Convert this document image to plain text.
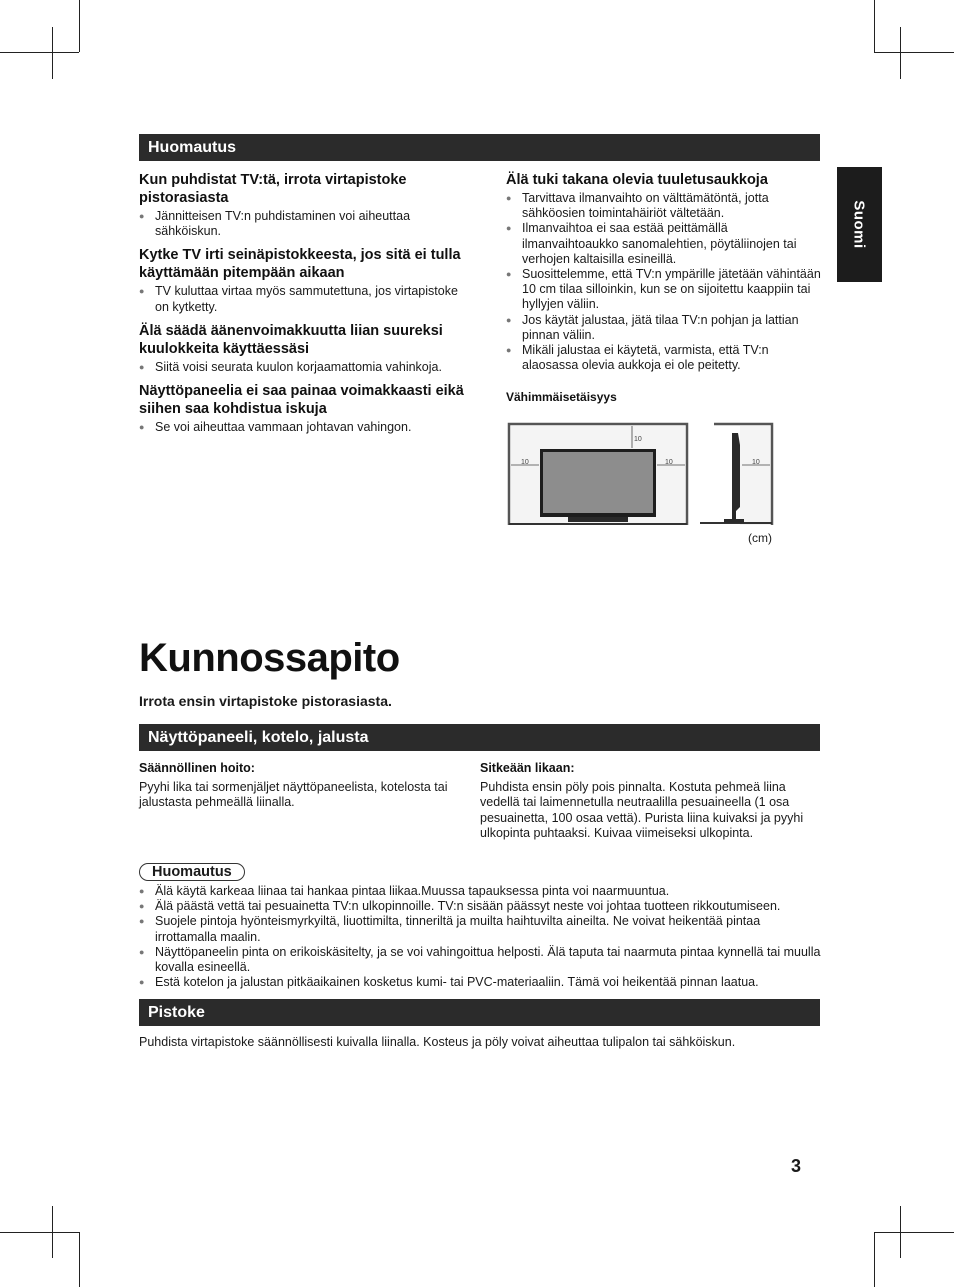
Suomi
Huomautus
Kun puhdistat TV:tä, irrota virtapistoke pistorasiasta
● Jännitteisen TV:n puhdistaminen voi aiheuttaa sähköiskun.
Kytke TV irti seinäpistokkeesta, jos sitä ei tulla käyttämään pitempään aikaan
● TV kuluttaa virtaa myös sammutettuna, jos virtapistoke on kytketty.
Älä säädä äänenvoimakkuutta liian suureksi kuulokkeita käyttäessäsi
● Siitä voisi seurata kuulon korjaamattomia vahinkoja.
Näyttöpaneelia ei saa painaa voimakkaasti eikä siihen saa kohdistua iskuja
● Se voi aiheuttaa vammaan johtavan vahingon.
Älä tuki takana olevia tuuletusaukkoja
● Tarvittava ilmanvaihto on välttämätöntä, jotta sähköosien toimintahäiriöt vältetään.
● Ilmanvaihtoa ei saa estää peittämällä ilmanvaihtoaukko sanomalehtien, pöytäliinojen tai verhojen kaltaisilla esineillä.
● Suosittelemme, että TV:n ympärille jätetään vähintään 10 cm tilaa silloinkin, kun se on sijoitettu kaappiin tai hyllyjen väliin.
● Jos käytät jalustaa, jätä tilaa TV:n pohjan ja lattian pinnan väliin.
● Mikäli jalustaa ei käytetä, varmista, että TV:n alaosassa olevia aukkoja ei ole peitetty.
Vähimmäisetäisyys
10
10	10	10
(cm)
Kunnossapito
Irrota ensin virtapistoke pistorasiasta.
Näyttöpaneeli, kotelo, jalusta
Säännöllinen hoito:
Pyyhi lika tai sormenjäljet näyttöpaneelista, kotelosta tai jalustasta pehmeällä liinalla.
Sitkeään likaan:
Puhdista ensin pöly pois pinnalta. Kostuta pehmeä liina vedellä tai laimennetulla neutraalilla pesuaineella (1 osa pesuainetta, 100 osaa vettä). Purista liina kuivaksi ja pyyhi ulkopinta puhtaaksi. Kuivaa viimeiseksi ulkopinta.
Huomautus
● Älä käytä karkeaa liinaa tai hankaa pintaa liikaa.Muussa tapauksessa pinta voi naarmuuntua.
● Älä päästä vettä tai pesuainetta TV:n ulkopinnoille. TV:n sisään päässyt neste voi johtaa tuotteen rikkoutumiseen.
● Suojele pintoja hyönteismyrkyiltä, liuottimilta, tinneriltä ja muilta haihtuvilta aineilta. Ne voivat heikentää pintaa irrottamalla maalin.
● Näyttöpaneelin pinta on erikoiskäsitelty, ja se voi vahingoittua helposti. Älä taputa tai naarmuta pintaa kynnellä tai muulla kovalla esineellä.
● Estä kotelon ja jalustan pitkäaikainen kosketus kumi- tai PVC-materiaaliin. Tämä voi heikentää pinnan laatua.
Pistoke
Puhdista virtapistoke säännöllisesti kuivalla liinalla. Kosteus ja pöly voivat aiheuttaa tulipalon tai sähköiskun.
3
